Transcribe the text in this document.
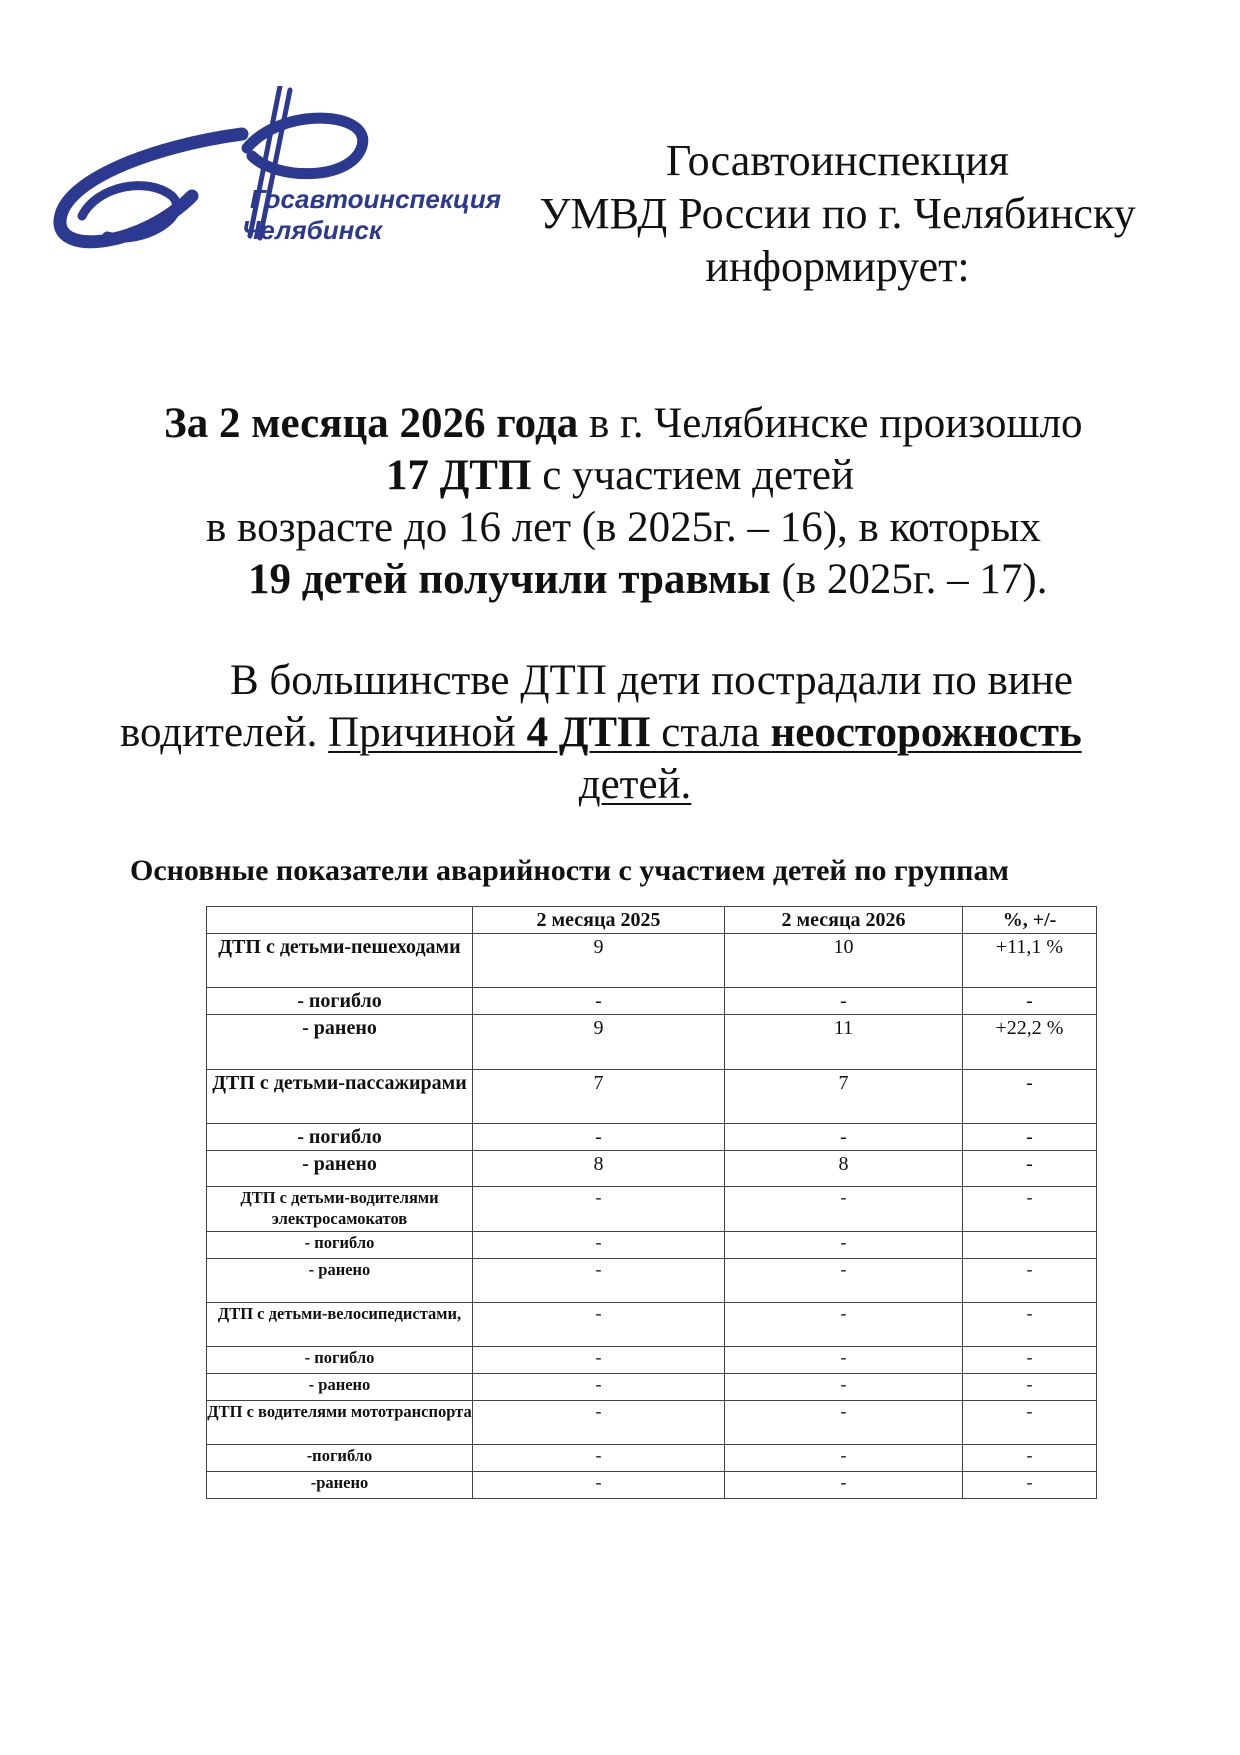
Госавтоинспекция
Челябинск
Госавтоинспекция
УМВД России по г. Челябинску
информирует:
За 2 месяца 2026 года в г. Челябинске произошло
17 ДТП с участием детей
в возрасте до 16 лет (в 2025г. – 16), в которых
19 детей получили травмы (в 2025г. – 17).
В большинстве ДТП дети пострадали по вине
водителей. Причиной 4 ДТП стала неосторожность
детей.
Основные показатели аварийности с участием детей по группам
	2 месяца 2025	2 месяца 2026	%, +/-
ДТП с детьми-пешеходами	9	10	+11,1 %
- погибло	-	-	-
- ранено	9	11	+22,2 %
ДТП с детьми-пассажирами	7	7	-
- погибло	-	-	-
- ранено	8	8	-
ДТП с детьми-водителями электросамокатов	-	-	-
- погибло	-	-	
- ранено	-	-	-
ДТП с детьми-велосипедистами,	-	-	-
- погибло	-	-	-
- ранено	-	-	-
ДТП с водителями мототранспорта	-	-	-
-погибло	-	-	-
-ранено	-	-	-
